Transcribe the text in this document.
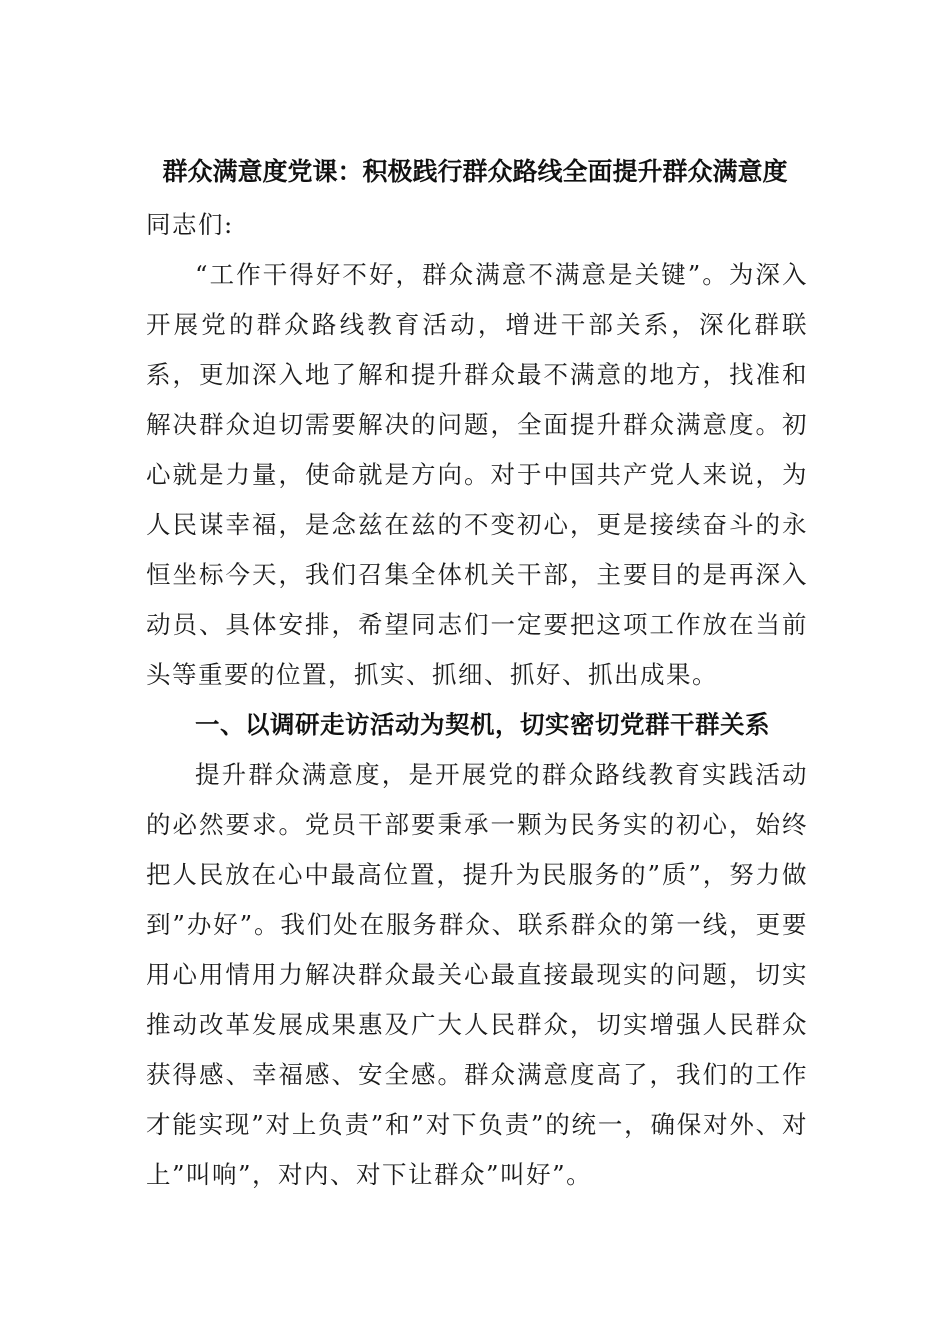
群众满意度党课：积极践行群众路线全面提升群众满意度

同志们:

“工作干得好不好，群众满意不满意是关键”。为深入开展党的群众路线教育活动，增进干部关系，深化群联系，更加深入地了解和提升群众最不满意的地方，找准和解决群众迫切需要解决的问题，全面提升群众满意度。初心就是力量，使命就是方向。对于中国共产党人来说，为人民谋幸福，是念兹在兹的不变初心，更是接续奋斗的永恒坐标今天，我们召集全体机关干部，主要目的是再深入动员、具体安排，希望同志们一定要把这项工作放在当前头等重要的位置，抓实、抓细、抓好、抓出成果。

一、以调研走访活动为契机，切实密切党群干群关系

提升群众满意度，是开展党的群众路线教育实践活动的必然要求。党员干部要秉承一颗为民务实的初心，始终把人民放在心中最高位置，提升为民服务的”质”，努力做到”办好”。我们处在服务群众、联系群众的第一线，更要用心用情用力解决群众最关心最直接最现实的问题，切实推动改革发展成果惠及广大人民群众，切实增强人民群众获得感、幸福感、安全感。群众满意度高了，我们的工作才能实现”对上负责”和”对下负责”的统一，确保对外、对上”叫响”，对内、对下让群众”叫好”。
